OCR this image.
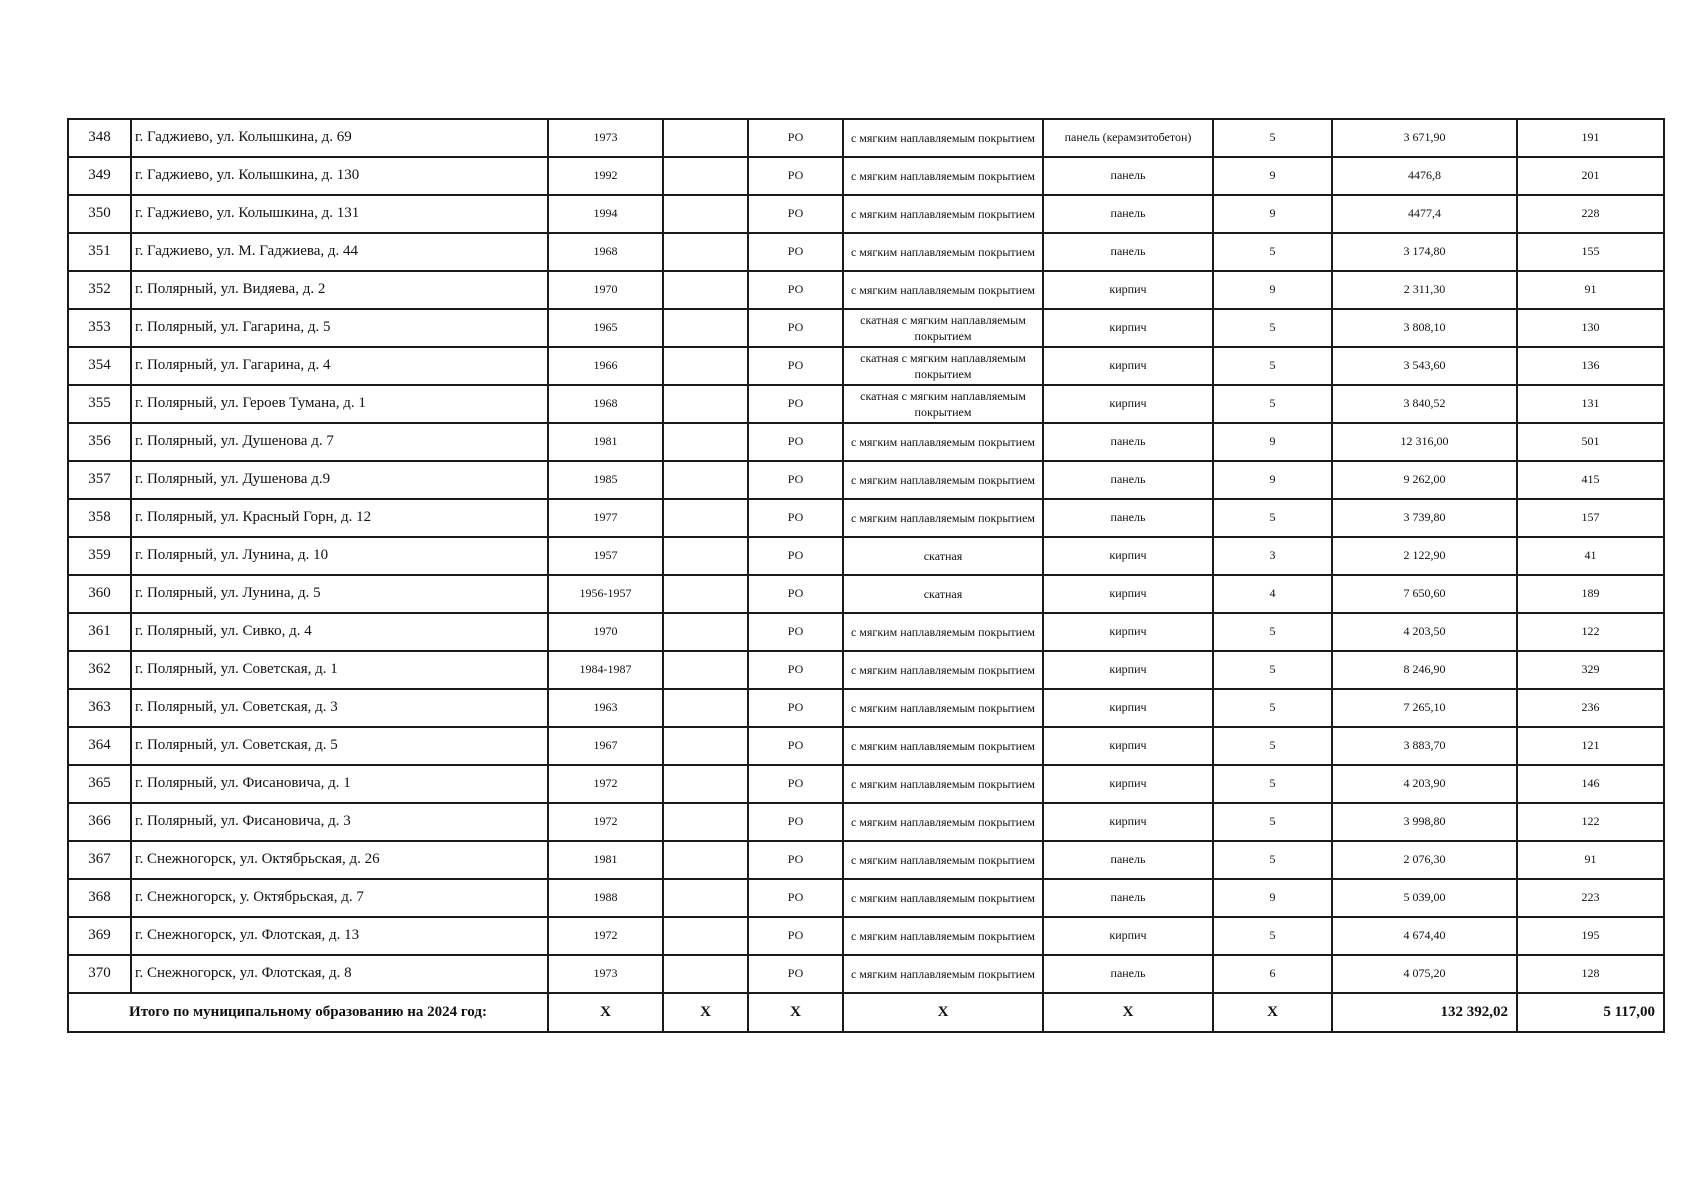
348	г. Гаджиево, ул. Колышкина, д. 69	1973		РО	с мягким наплавляемым покрытием	панель (керамзитобетон)	5	3 671,90	191
349	г. Гаджиево, ул. Колышкина, д. 130	1992		РО	с мягким наплавляемым покрытием	панель	9	4476,8	201
350	г. Гаджиево, ул. Колышкина, д. 131	1994		РО	с мягким наплавляемым покрытием	панель	9	4477,4	228
351	г. Гаджиево, ул. М. Гаджиева, д. 44	1968		РО	с мягким наплавляемым покрытием	панель	5	3 174,80	155
352	г. Полярный, ул. Видяева, д. 2	1970		РО	с мягким наплавляемым покрытием	кирпич	9	2 311,30	91
353	г. Полярный, ул. Гагарина, д. 5	1965		РО	скатная с мягким наплавляемым покрытием	кирпич	5	3 808,10	130
354	г. Полярный, ул. Гагарина, д. 4	1966		РО	скатная с мягким наплавляемым покрытием	кирпич	5	3 543,60	136
355	г. Полярный, ул. Героев Тумана, д. 1	1968		РО	скатная с мягким наплавляемым покрытием	кирпич	5	3 840,52	131
356	г. Полярный, ул. Душенова д. 7	1981		РО	с мягким наплавляемым покрытием	панель	9	12 316,00	501
357	г. Полярный, ул. Душенова д.9	1985		РО	с мягким наплавляемым покрытием	панель	9	9 262,00	415
358	г. Полярный, ул. Красный Горн, д. 12	1977		РО	с мягким наплавляемым покрытием	панель	5	3 739,80	157
359	г. Полярный, ул. Лунина, д. 10	1957		РО	скатная	кирпич	3	2 122,90	41
360	г. Полярный, ул. Лунина, д. 5	1956-1957		РО	скатная	кирпич	4	7 650,60	189
361	г. Полярный, ул. Сивко, д. 4	1970		РО	с мягким наплавляемым покрытием	кирпич	5	4 203,50	122
362	г. Полярный, ул. Советская, д. 1	1984-1987		РО	с мягким наплавляемым покрытием	кирпич	5	8 246,90	329
363	г. Полярный, ул. Советская, д. 3	1963		РО	с мягким наплавляемым покрытием	кирпич	5	7 265,10	236
364	г. Полярный, ул. Советская, д. 5	1967		РО	с мягким наплавляемым покрытием	кирпич	5	3 883,70	121
365	г. Полярный, ул. Фисановича, д. 1	1972		РО	с мягким наплавляемым покрытием	кирпич	5	4 203,90	146
366	г. Полярный, ул. Фисановича, д. 3	1972		РО	с мягким наплавляемым покрытием	кирпич	5	3 998,80	122
367	г. Снежногорск, ул. Октябрьская, д. 26	1981		РО	с мягким наплавляемым покрытием	панель	5	2 076,30	91
368	г. Снежногорск, у. Октябрьская, д. 7	1988		РО	с мягким наплавляемым покрытием	панель	9	5 039,00	223
369	г. Снежногорск, ул. Флотская, д. 13	1972		РО	с мягким наплавляемым покрытием	кирпич	5	4 674,40	195
370	г. Снежногорск, ул. Флотская, д. 8	1973		РО	с мягким наплавляемым покрытием	панель	6	4 075,20	128
Итого по муниципальному образованию на 2024 год:		X	X	X	X	X	X	132 392,02	5 117,00
